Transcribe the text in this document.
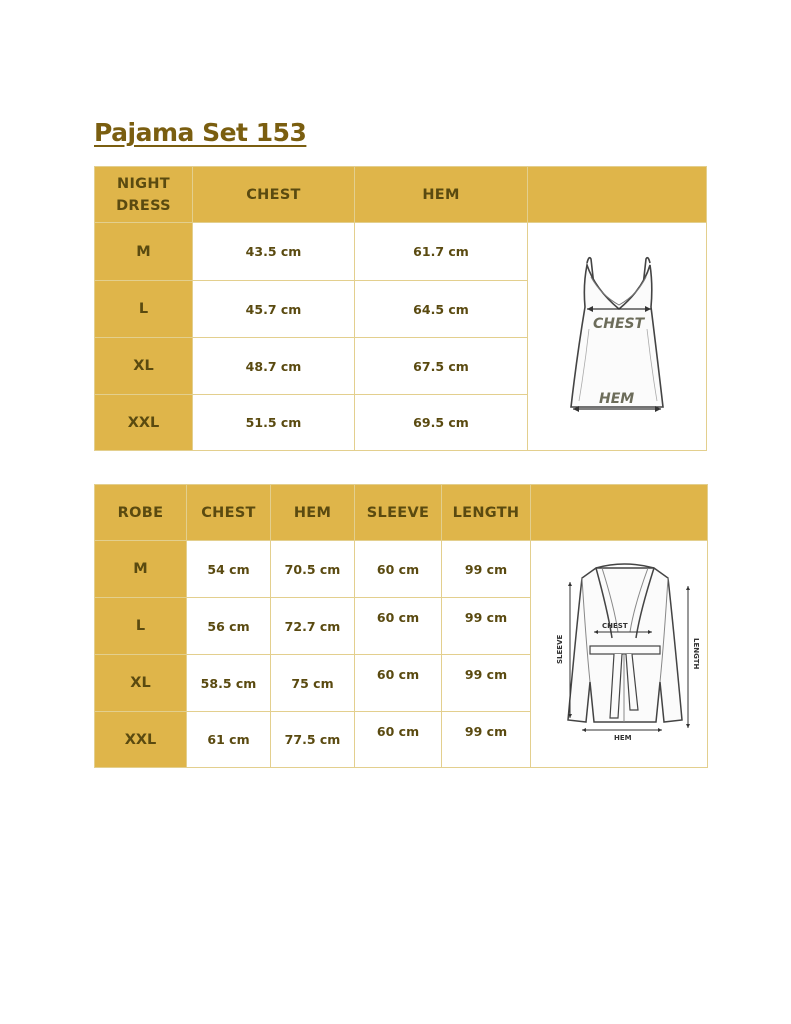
Pajama Set 153
NIGHT
DRESS	CHEST	HEM	
M	43.5 cm	61.7 cm	CHEST
HEM

L	45.7 cm	64.5 cm	
XL	48.7 cm	67.5 cm	
XXL	51.5 cm	69.5 cm	
ROBE	CHEST	HEM	SLEEVE	LENGTH	
M	54 cm	70.5 cm	60 cm	99 cm	CHEST
SLEEVE LENGTH
HEM

L	56 cm	72.7 cm	60 cm	99 cm	
XL	58.5 cm	75 cm	60 cm	99 cm	
XXL	61 cm	77.5 cm	60 cm	99 cm	
